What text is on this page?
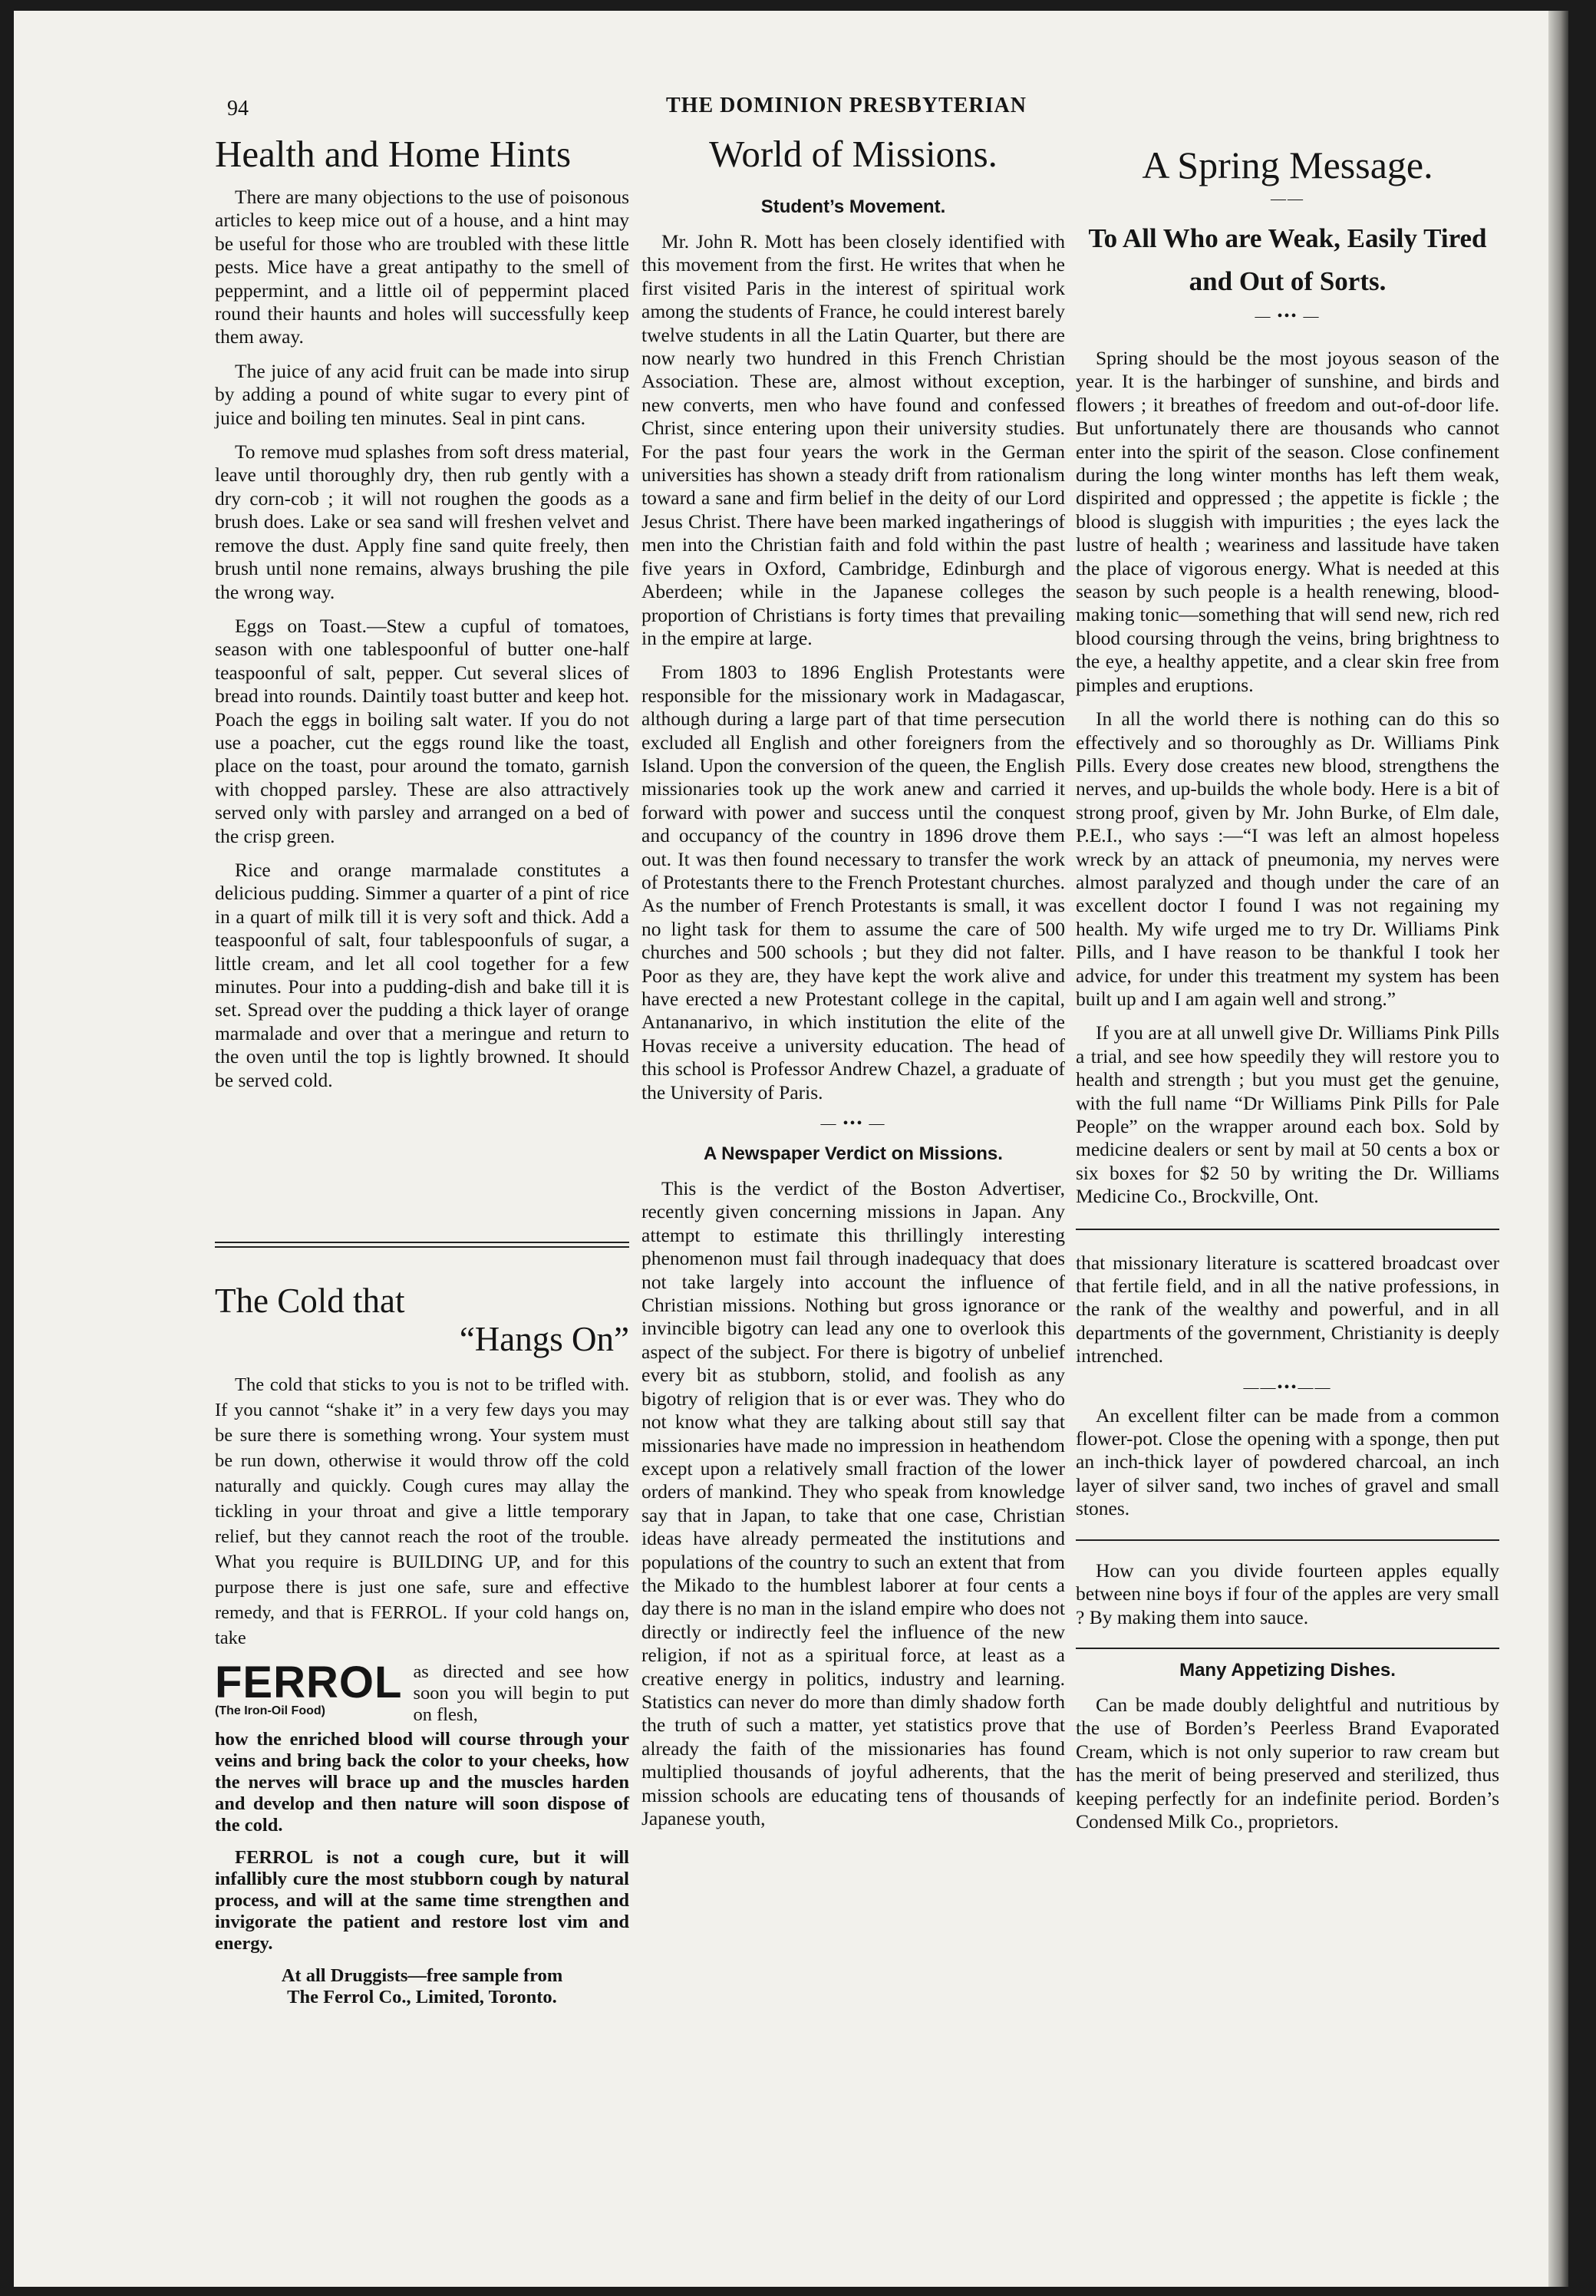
94	THE DOMINION PRESBYTERIAN
Health and Home Hints

There are many objections to the use of poisonous articles to keep mice out of a house, and a hint may be useful for those who are troubled with these little pests. Mice have a great antipathy to the smell of peppermint, and a little oil of peppermint placed round their haunts and holes will successfully keep them away.

The juice of any acid fruit can be made into sirup by adding a pound of white sugar to every pint of juice and boiling ten minutes. Seal in pint cans.

To remove mud splashes from soft dress material, leave until thoroughly dry, then rub gently with a dry corn-cob ; it will not roughen the goods as a brush does. Lake or sea sand will freshen velvet and remove the dust. Apply fine sand quite freely, then brush until none remains, always brushing the pile the wrong way.

Eggs on Toast.—Stew a cupful of tomatoes, season with one tablespoonful of butter one-half teaspoonful of salt, pepper. Cut several slices of bread into rounds. Daintily toast butter and keep hot. Poach the eggs in boiling salt water. If you do not use a poacher, cut the eggs round like the toast, place on the toast, pour around the tomato, garnish with chopped parsley. These are also attractively served only with parsley and arranged on a bed of the crisp green.

Rice and orange marmalade constitutes a delicious pudding. Simmer a quarter of a pint of rice in a quart of milk till it is very soft and thick. Add a teaspoonful of salt, four tablespoonfuls of sugar, a little cream, and let all cool together for a few minutes. Pour into a pudding-dish and bake till it is set. Spread over the pudding a thick layer of orange marmalade and over that a meringue and return to the oven until the top is lightly browned. It should be served cold.

The Cold that
“Hangs On”

The cold that sticks to you is not to be trifled with. If you cannot “shake it” in a very few days you may be sure there is something wrong. Your system must be run down, otherwise it would throw off the cold naturally and quickly. Cough cures may allay the tickling in your throat and give a little temporary relief, but they cannot reach the root of the trouble. What you require is BUILDING UP, and for this purpose there is just one safe, sure and effective remedy, and that is FERROL. If your cold hangs on, take

FERROL
(The Iron-Oil Food)
as directed and see how soon you will begin to put on flesh,

how the enriched blood will course through your veins and bring back the color to your cheeks, how the nerves will brace up and the muscles harden and develop and then nature will soon dispose of the cold.

FERROL is not a cough cure, but it will infallibly cure the most stubborn cough by natural process, and will at the same time strengthen and invigorate the patient and restore lost vim and energy.

At all Druggists—free sample from
The Ferrol Co., Limited, Toronto.
World of Missions.
Student’s Movement.

Mr. John R. Mott has been closely identified with this movement from the first. He writes that when he first visited Paris in the interest of spiritual work among the students of France, he could interest barely twelve students in all the Latin Quarter, but there are now nearly two hundred in this French Christian Association. These are, almost without exception, new converts, men who have found and confessed Christ, since entering upon their university studies. For the past four years the work in the German universities has shown a steady drift from rationalism toward a sane and firm belief in the deity of our Lord Jesus Christ. There have been marked ingatherings of men into the Christian faith and fold within the past five years in Oxford, Cambridge, Edinburgh and Aberdeen; while in the Japanese colleges the proportion of Christians is forty times that prevailing in the empire at large.

From 1803 to 1896 English Protestants were responsible for the missionary work in Madagascar, although during a large part of that time persecution excluded all English and other foreigners from the Island. Upon the conversion of the queen, the English missionaries took up the work anew and carried it forward with power and success until the conquest and occupancy of the country in 1896 drove them out. It was then found necessary to transfer the work of Protestants there to the French Protestant churches. As the number of French Protestants is small, it was no light task for them to assume the care of 500 churches and 500 schools ; but they did not falter. Poor as they are, they have kept the work alive and have erected a new Protestant college in the capital, Antananarivo, in which institution the elite of the Hovas receive a university education. The head of this school is Professor Andrew Chazel, a graduate of the University of Paris.

— ••• —
A Newspaper Verdict on Missions.

This is the verdict of the Boston Advertiser, recently given concerning missions in Japan. Any attempt to estimate this thrillingly interesting phenomenon must fail through inadequacy that does not take largely into account the influence of Christian missions. Nothing but gross ignorance or invincible bigotry can lead any one to overlook this aspect of the subject. For there is bigotry of unbelief every bit as stubborn, stolid, and foolish as any bigotry of religion that is or ever was. They who do not know what they are talking about still say that missionaries have made no impression in heathendom except upon a relatively small fraction of the lower orders of mankind. They who speak from knowledge say that in Japan, to take that one case, Christian ideas have already permeated the institutions and populations of the country to such an extent that from the Mikado to the humblest laborer at four cents a day there is no man in the island empire who does not directly or indirectly feel the influence of the new religion, if not as a spiritual force, at least as a creative energy in politics, industry and learning. Statistics can never do more than dimly shadow forth the truth of such a matter, yet statistics prove that already the faith of the missionaries has found multiplied thousands of joyful adherents, that the mission schools are educating tens of thousands of Japanese youth,

A Spring Message.
——
To All Who are Weak, Easily Tired and Out of Sorts.
— ••• —

Spring should be the most joyous season of the year. It is the harbinger of sunshine, and birds and flowers ; it breathes of freedom and out-of-door life. But unfortunately there are thousands who cannot enter into the spirit of the season. Close confinement during the long winter months has left them weak, dispirited and oppressed ; the appetite is fickle ; the blood is sluggish with impurities ; the eyes lack the lustre of health ; weariness and lassitude have taken the place of vigorous energy. What is needed at this season by such people is a health renewing, blood-making tonic—something that will send new, rich red blood coursing through the veins, bring brightness to the eye, a healthy appetite, and a clear skin free from pimples and eruptions.

In all the world there is nothing can do this so effectively and so thoroughly as Dr. Williams Pink Pills. Every dose creates new blood, strengthens the nerves, and up-builds the whole body. Here is a bit of strong proof, given by Mr. John Burke, of Elm dale, P.E.I., who says :—“I was left an almost hopeless wreck by an attack of pneumonia, my nerves were almost paralyzed and though under the care of an excellent doctor I found I was not regaining my health. My wife urged me to try Dr. Williams Pink Pills, and I have reason to be thankful I took her advice, for under this treatment my system has been built up and I am again well and strong.”

If you are at all unwell give Dr. Williams Pink Pills a trial, and see how speedily they will restore you to health and strength ; but you must get the genuine, with the full name “Dr Williams Pink Pills for Pale People” on the wrapper around each box. Sold by medicine dealers or sent by mail at 50 cents a box or six boxes for $2 50 by writing the Dr. Williams Medicine Co., Brockville, Ont.

that missionary literature is scattered broadcast over that fertile field, and in all the native professions, in the rank of the wealthy and powerful, and in all departments of the government, Christianity is deeply intrenched.

——•••——

An excellent filter can be made from a common flower-pot. Close the opening with a sponge, then put an inch-thick layer of powdered charcoal, an inch layer of silver sand, two inches of gravel and small stones.

How can you divide fourteen apples equally between nine boys if four of the apples are very small ? By making them into sauce.

Many Appetizing Dishes.

Can be made doubly delightful and nutritious by the use of Borden’s Peerless Brand Evaporated Cream, which is not only superior to raw cream but has the merit of being preserved and sterilized, thus keeping perfectly for an indefinite period. Borden’s Condensed Milk Co., proprietors.
